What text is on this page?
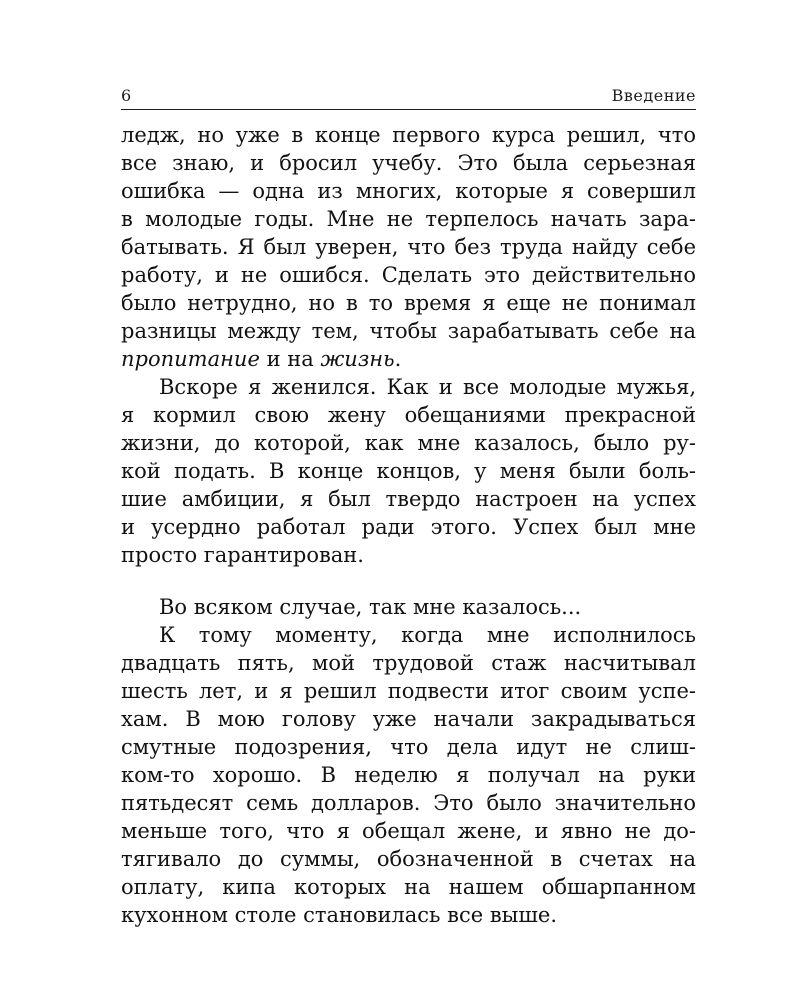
6	Введение
ледж, но уже в конце первого курса решил, что
все знаю, и бросил учебу. Это была серьезная
ошибка — одна из многих, которые я совершил
в молодые годы. Мне не терпелось начать зара-
батывать. Я был уверен, что без труда найду себе
работу, и не ошибся. Сделать это действительно
было нетрудно, но в то время я еще не понимал
разницы между тем, чтобы зарабатывать себе на
пропитание и на жизнь.
Вскоре я женился. Как и все молодые мужья,
я кормил свою жену обещаниями прекрасной
жизни, до которой, как мне казалось, было ру-
кой подать. В конце концов, у меня были боль-
шие амбиции, я был твердо настроен на успех
и усердно работал ради этого. Успех был мне
просто гарантирован.
Во всяком случае, так мне казалось...
К тому моменту, когда мне исполнилось
двадцать пять, мой трудовой стаж насчитывал
шесть лет, и я решил подвести итог своим успе-
хам. В мою голову уже начали закрадываться
смутные подозрения, что дела идут не слиш-
ком-то хорошо. В неделю я получал на руки
пятьдесят семь долларов. Это было значительно
меньше того, что я обещал жене, и явно не до-
тягивало до суммы, обозначенной в счетах на
оплату, кипа которых на нашем обшарпанном
кухонном столе становилась все выше.
